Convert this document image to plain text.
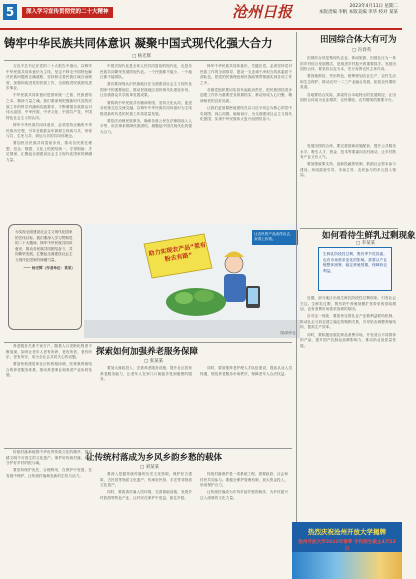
5	深入学习宣传贯彻党的二十大精神	沧州日报	2023年4月11日 星期二
本版责编 李帆 本版美编 李华 校对 某某
铸牢中华民族共同体意识 凝聚中国式现代化强大合力
□ 杨光辉

习近平总书记在党的二十大报告中指出，以铸牢中华民族共同体意识为主线，坚定不移走中国特色解决民族问题的正确道路，坚持和完善民族区域自治制度，加强和改进党的民族工作，全面推进民族团结进步事业。

中华民族共同体意识是国家统一之基、民族团结之本、精神力量之魂。我们要深刻把握新时代党的民族工作的科学内涵和实践要求，不断增强各族群众对伟大祖国、中华民族、中华文化、中国共产党、中国特色社会主义的认同。

铸牢中华民族共同体意识，必须坚持正确的中华民族历史观，引导各族群众牢固树立休戚与共、荣辱与共、生死与共、命运与共的共同体理念。

要加快各民族共同富裕步伐，推动各民族在理想、信念、情感、文化上的团结统一，守望相助、手足情深，汇聚起全面建设社会主义现代化国家的磅礴力量。

中国式现代化是全体人民共同富裕的现代化，也是各民族共同繁荣发展的现代化。一个民族都不能少，一个地区都不能掉队。

我们要深刻认识民族地区在全面建设社会主义现代化国家中的重要地位，推动民族地区加快现代化建设步伐，让各族群众共享改革发展成果。

要构筑中华民族共有精神家园，坚持文化认同，促进各民族交往交流交融，以铸牢中华民族共同体意识为主线推进新时代党的民族工作高质量发展。

要依法治理民族事务，确保各族公民在法律面前人人平等，用法律来保障民族团结，凝聚起中国式现代化的强大合力。

铸牢中华民族共同体意识，关键在党。必须坚持党对民族工作的全面领导，建设一支忠诚干净担当的高素质干部队伍，把党的民族理论和民族政策贯彻落实到各项工作之中。

各级党组织要切实担负起政治责任，把民族团结进步创建工作作为重要任务抓紧抓实，推动形成人心归聚、精神相依的良好局面。

让我们更加紧密地团结在以习近平同志为核心的党中央周围，同心同德、砥砺前行，为全面建成社会主义现代化强国、实现中华民族伟大复兴而团结奋斗。

为实现全面建设社会主义现代化国家的宏伟目标，我们要深入学习贯彻党的二十大精神，铸牢中华民族共同体意识，推动各民族共同团结奋斗、共同繁荣发展，汇聚起全面建设社会主义现代化国家的磅礴力量。
—— 杨光辉（作者单位：某某）
助力实现农产品“菜有粉去有路”
让农民的产品卖得出去、卖得上价钱。
图/新华社
田园综合体大有可为
□ 冯春英

田园综合体是集现代农业、休闲旅游、田园社区为一体的乡村综合发展模式，是推进乡村振兴的重要抓手。发展田园综合体，要坚持以农为本，充分发挥农民主体作用。

要因地制宜、突出特色，统筹规划农业生产、农村生活和生态保护，推动农村一二三产业融合发展，拓宽农民增收渠道。

各地要结合实际，探索符合本地特点的发展路径，让田园综合体成为农业增效、农民增收、农村增美的重要平台。

发展田园综合体，要完善基础设施配套，提升公共服务水平，吸引人才、资金、技术等要素向农村流动，让乡村既有产业又有人气。

要加强政策支持，创新投融资机制，鼓励社会资本参与建设，形成政府引导、市场主导、农民参与的多元投入格局。

如何看待生鲜乳过剩现象
□ 李某某
生鲜乳阶段性过剩，既有季节性因素，也有市场需求变化的影响。需要从产业链整体统筹，稳定养殖预期，保障奶农利益。

近期，部分地区出现生鲜乳阶段性过剩现象，引发社会关注。生鲜乳过剩，既有奶牛养殖规模扩张带来的供给增加，也有消费市场需求放缓的原因。

应对这一现象，要加快完善乳业产业链利益联结机制，推动乳企与奶农建立稳定的购销关系，引导奶农调整养殖结构，提高生产效率。

同时，要积极拓展乳制品消费市场，开发适合不同群体的产品，提升国产乳制品品牌影响力，推动奶业高质量发展。

探索如何加强养老服务保障
□ 张某某

养老服务关系千家万户。随着人口老龄化程度不断加深，如何让老年人老有所养、老有所依、老有所乐、老有所安，成为全社会共同关心的话题。

要加快构建居家社区机构相协调、医养康养相结合的养老服务体系，推动养老事业和养老产业协同发展。

要加大财政投入，完善养老服务设施，提升社区居家养老服务能力，让老年人在家门口就能享受到便捷的服务。

同时，要加强养老护理人才队伍建设，提高从业人员待遇，规范养老服务市场秩序，保障老年人合法权益。

让传统村落成为乡风乡韵乡愁的载体
□ 刘某某

传统村落承载着中华优秀传统文化的精华，是农耕文明不可再生的文化遗产。保护好传统村落，就是守护好乡村的根与魂。

要坚持保护优先、合理利用，在保护中发展、在发展中保护，让传统村落焕发新的生机与活力。	要深入挖掘传统村落的历史文化资源，保护好古建筑、古民居等物质文化遗产，传承好民俗、手艺等非物质文化遗产。

同时，要改善村落人居环境，完善基础设施，发展乡村旅游等特色产业，让村民在保护中受益，留住乡愁。

传统村落保护是一项系统工程，需要政府、社会和村民共同参与。要健全保护管理机制，加大资金投入，形成保护合力。

让传统村落成为乡风乡韵乡愁的载体，为乡村振兴注入深厚的文化力量。

热烈庆祝沧州开放大学揭牌
沧州开放大学2023年春季 专科招生截止4月13日
